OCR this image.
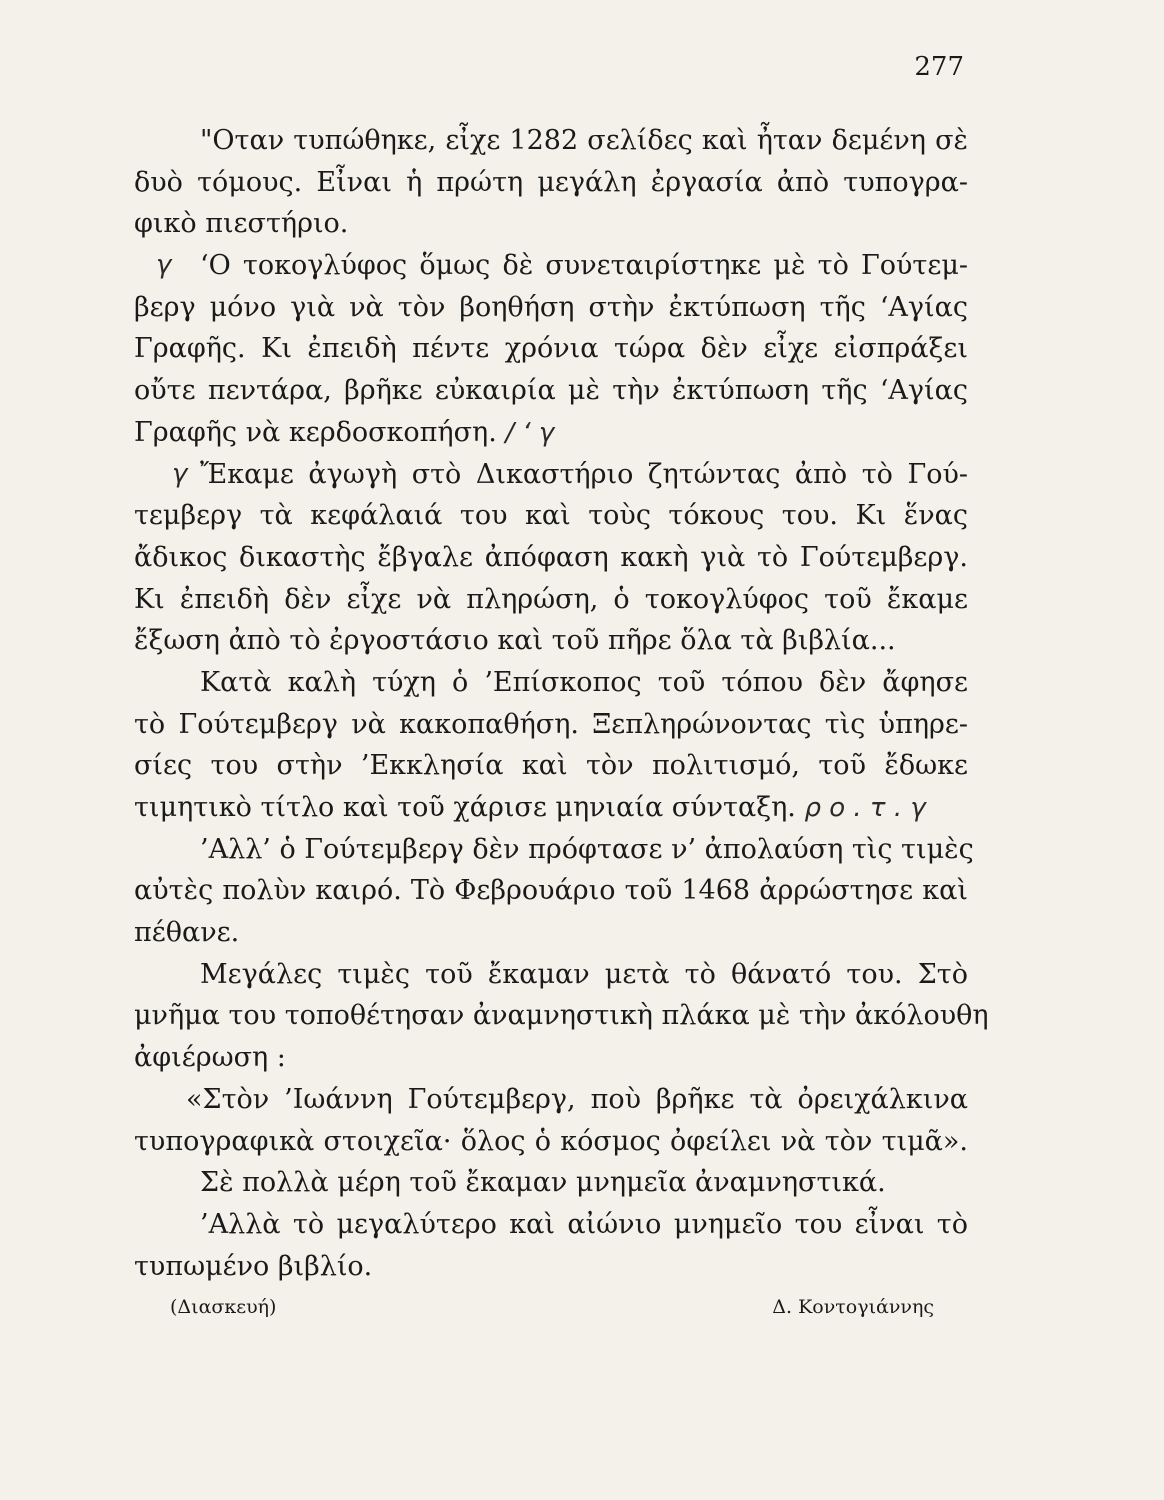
277
"Οταν τυπώθηκε, εἶχε 1282 σελίδες καὶ ἦταν δεμένη σὲ
δυὸ τόμους. Εἶναι ἡ πρώτη μεγάλη ἐργασία ἀπὸ τυπογρα-
φικὸ πιεστήριο.
γ ‘Ο τοκογλύφος ὅμως δὲ συνεταιρίστηκε μὲ τὸ Γούτεμ-
βεργ μόνο γιὰ νὰ τὸν βοηθήση στὴν ἐκτύπωση τῆς ‘Αγίας
Γραφῆς. Κι ἐπειδὴ πέντε χρόνια τώρα δὲν εἶχε εἰσπράξει
οὔτε πεντάρα, βρῆκε εὐκαιρία μὲ τὴν ἐκτύπωση τῆς ‘Αγίας
Γραφῆς νὰ κερδοσκοπήση. / ‘ γ
γ Ἔκαμε ἀγωγὴ στὸ Δικαστήριο ζητώντας ἀπὸ τὸ Γού-
τεμβεργ τὰ κεφάλαιά του καὶ τοὺς τόκους του. Κι ἕνας
ἄδικος δικαστὴς ἔβγαλε ἀπόφαση κακὴ γιὰ τὸ Γούτεμβεργ.
Κι ἐπειδὴ δὲν εἶχε νὰ πληρώση, ὁ τοκογλύφος τοῦ ἔκαμε
ἔξωση ἀπὸ τὸ ἐργοστάσιο καὶ τοῦ πῆρε ὅλα τὰ βιβλία...
Κατὰ καλὴ τύχη ὁ ’Επίσκοπος τοῦ τόπου δὲν ἄφησε
τὸ Γούτεμβεργ νὰ κακοπαθήση. Ξεπληρώνοντας τὶς ὑπηρε-
σίες του στὴν ’Εκκλησία καὶ τὸν πολιτισμό, τοῦ ἔδωκε
τιμητικὸ τίτλο καὶ τοῦ χάρισε μηνιαία σύνταξη. ρ ο . τ . γ
’Αλλ’ ὁ Γούτεμβεργ δὲν πρόφτασε ν’ ἀπολαύση τὶς τιμὲς
αὐτὲς πολὺν καιρό. Τὸ Φεβρουάριο τοῦ 1468 ἀρρώστησε καὶ
πέθανε.
Μεγάλες τιμὲς τοῦ ἔκαμαν μετὰ τὸ θάνατό του. Στὸ
μνῆμα του τοποθέτησαν ἀναμνηστικὴ πλάκα μὲ τὴν ἀκόλουθη
ἀφιέρωση :
«Στὸν ’Ιωάννη Γούτεμβεργ, ποὺ βρῆκε τὰ ὀρειχάλκινα
τυπογραφικὰ στοιχεῖα· ὅλος ὁ κόσμος ὀφείλει νὰ τὸν τιμᾶ».
Σὲ πολλὰ μέρη τοῦ ἔκαμαν μνημεῖα ἀναμνηστικά.
’Αλλὰ τὸ μεγαλύτερο καὶ αἰώνιο μνημεῖο του εἶναι τὸ
τυπωμένο βιβλίο.
(Διασκευή)	Δ. Κοντογιάννης
